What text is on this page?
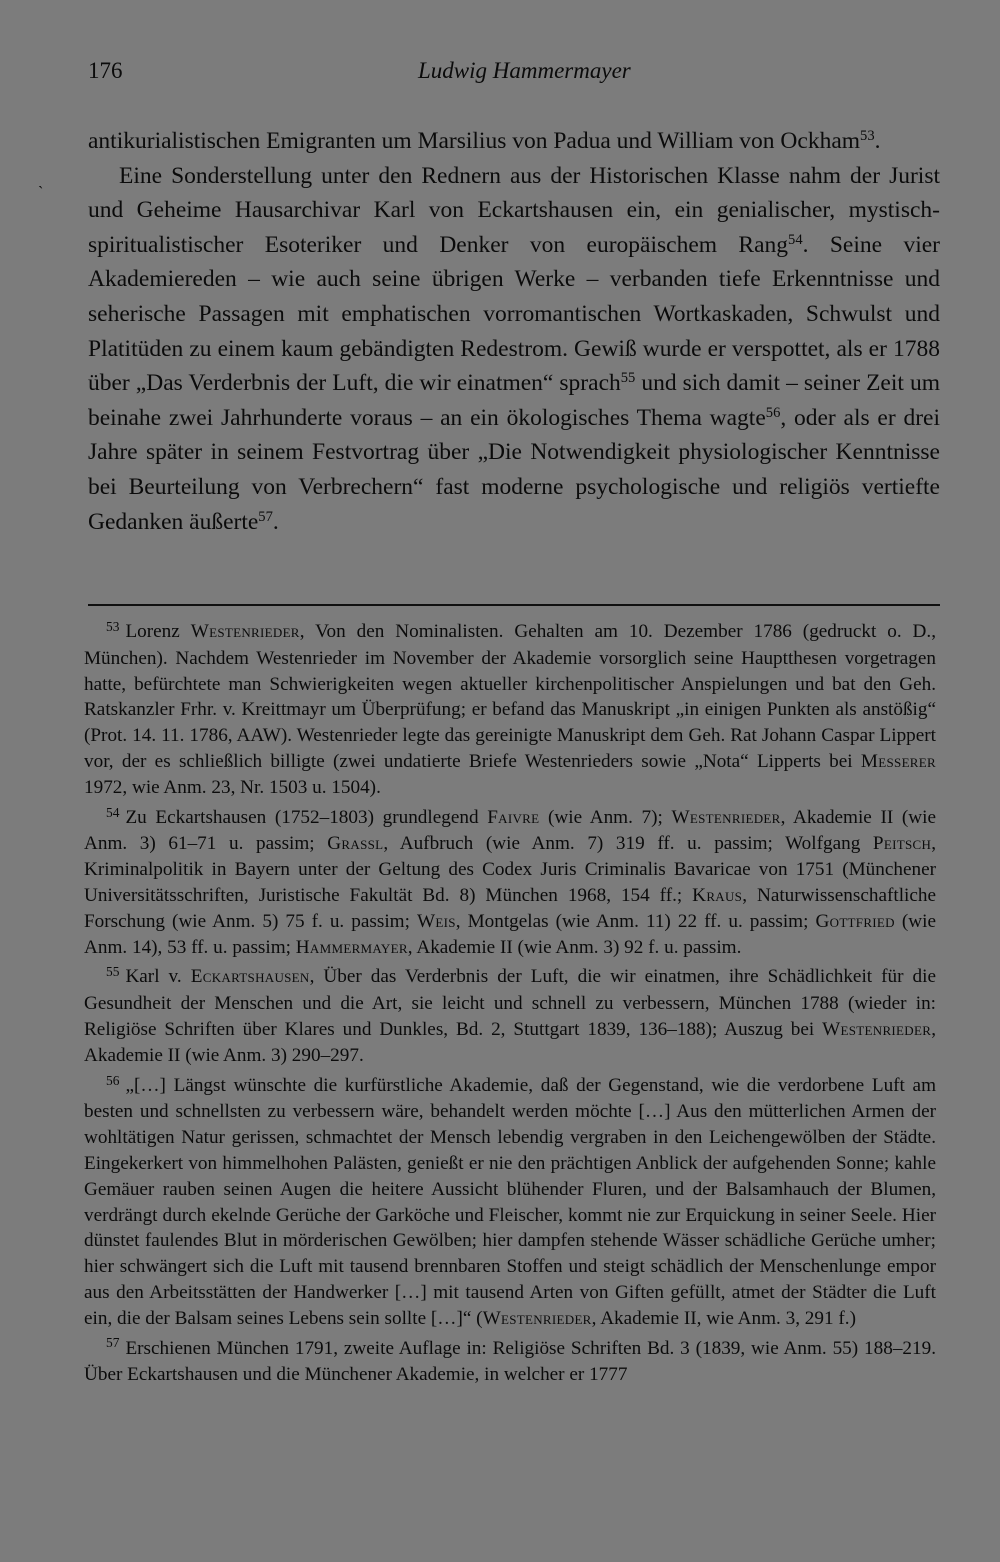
176	Ludwig Hammermayer
ˎ

antikurialistischen Emigranten um Marsilius von Padua und William von Ockham$^{53}$.

Eine Sonderstellung unter den Rednern aus der Historischen Klasse nahm der Jurist und Geheime Hausarchivar Karl von Eckartshausen ein, ein genialischer, mystisch-spiritualistischer Esoteriker und Denker von europäischem Rang$^{54}$. Seine vier Akademiereden – wie auch seine übrigen Werke – verbanden tiefe Erkenntnisse und seherische Passagen mit emphatischen vorromantischen Wortkaskaden, Schwulst und Platitüden zu einem kaum gebändigten Redestrom. Gewiß wurde er verspottet, als er 1788 über „Das Verderbnis der Luft, die wir einatmen“ sprach$^{55}$ und sich damit – seiner Zeit um beinahe zwei Jahrhunderte voraus – an ein ökologisches Thema wagte$^{56}$, oder als er drei Jahre später in seinem Festvortrag über „Die Notwendigkeit physiologischer Kenntnisse bei Beurteilung von Verbrechern“ fast moderne psychologische und religiös vertiefte Gedanken äußerte$^{57}$.

$^{53}$ Lorenz Westenrieder, Von den Nominalisten. Gehalten am 10. Dezember 1786 (gedruckt o. D., München). Nachdem Westenrieder im November der Akademie vorsorglich seine Hauptthesen vorgetragen hatte, befürchtete man Schwierigkeiten wegen aktueller kirchenpolitischer Anspielungen und bat den Geh. Ratskanzler Frhr. v. Kreittmayr um Überprüfung; er befand das Manuskript „in einigen Punkten als anstößig“ (Prot. 14. 11. 1786, AAW). Westenrieder legte das gereinigte Manuskript dem Geh. Rat Johann Caspar Lippert vor, der es schließlich billigte (zwei undatierte Briefe Westenrieders sowie „Nota“ Lipperts bei Messerer 1972, wie Anm. 23, Nr. 1503 u. 1504).

$^{54}$ Zu Eckartshausen (1752–1803) grundlegend Faivre (wie Anm. 7); Westenrieder, Akademie II (wie Anm. 3) 61–71 u. passim; Grassl, Aufbruch (wie Anm. 7) 319 ff. u. passim; Wolfgang Peitsch, Kriminalpolitik in Bayern unter der Geltung des Codex Juris Criminalis Bavaricae von 1751 (Münchener Universitätsschriften, Juristische Fakultät Bd. 8) München 1968, 154 ff.; Kraus, Naturwissenschaftliche Forschung (wie Anm. 5) 75 f. u. passim; Weis, Montgelas (wie Anm. 11) 22 ff. u. passim; Gottfried (wie Anm. 14), 53 ff. u. passim; Hammermayer, Akademie II (wie Anm. 3) 92 f. u. passim.

$^{55}$ Karl v. Eckartshausen, Über das Verderbnis der Luft, die wir einatmen, ihre Schädlichkeit für die Gesundheit der Menschen und die Art, sie leicht und schnell zu verbessern, München 1788 (wieder in: Religiöse Schriften über Klares und Dunkles, Bd. 2, Stuttgart 1839, 136–188); Auszug bei Westenrieder, Akademie II (wie Anm. 3) 290–297.

$^{56}$ „[…] Längst wünschte die kurfürstliche Akademie, daß der Gegenstand, wie die verdorbene Luft am besten und schnellsten zu verbessern wäre, behandelt werden möchte […] Aus den mütterlichen Armen der wohltätigen Natur gerissen, schmachtet der Mensch lebendig vergraben in den Leichengewölben der Städte. Eingekerkert von himmelhohen Palästen, genießt er nie den prächtigen Anblick der aufgehenden Sonne; kahle Gemäuer rauben seinen Augen die heitere Aussicht blühender Fluren, und der Balsamhauch der Blumen, verdrängt durch ekelnde Gerüche der Garköche und Fleischer, kommt nie zur Erquickung in seiner Seele. Hier dünstet faulendes Blut in mörderischen Gewölben; hier dampfen stehende Wässer schädliche Gerüche umher; hier schwängert sich die Luft mit tausend brennbaren Stoffen und steigt schädlich der Menschenlunge empor aus den Arbeitsstätten der Handwerker […] mit tausend Arten von Giften gefüllt, atmet der Städter die Luft ein, die der Balsam seines Lebens sein sollte […]“ (Westenrieder, Akademie II, wie Anm. 3, 291 f.)

$^{57}$ Erschienen München 1791, zweite Auflage in: Religiöse Schriften Bd. 3 (1839, wie Anm. 55) 188–219. Über Eckartshausen und die Münchener Akademie, in welcher er 1777
